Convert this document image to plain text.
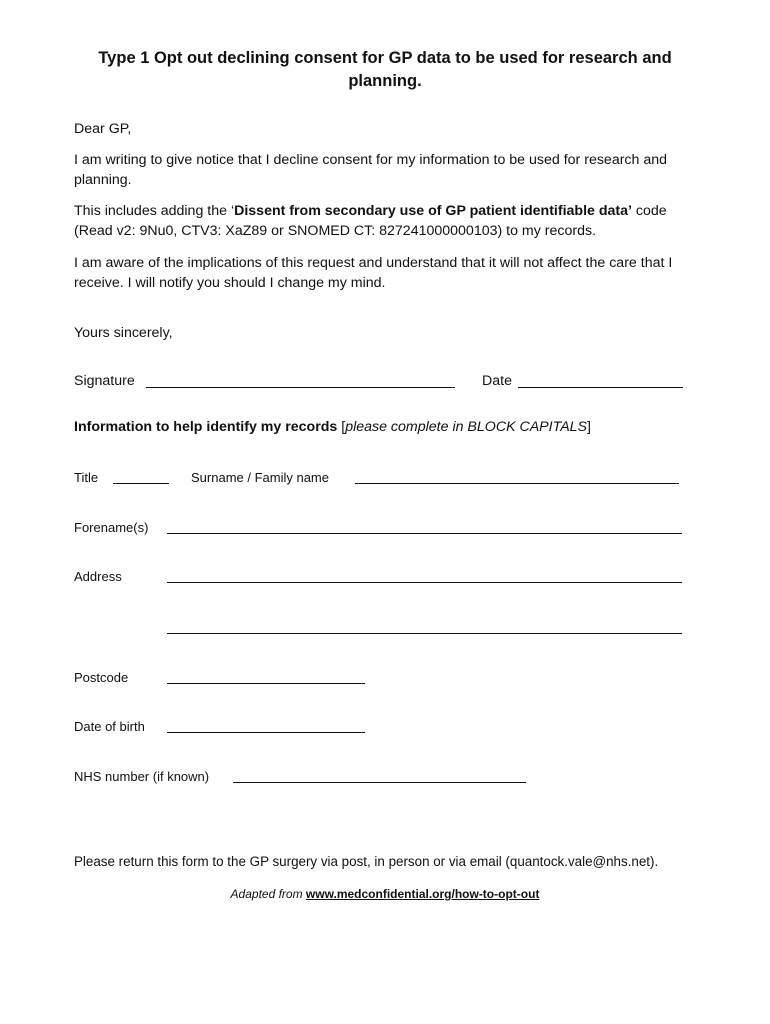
Type 1 Opt out declining consent for GP data to be used for research and planning.

Dear GP,

I am writing to give notice that I decline consent for my information to be used for research and planning.

This includes adding the ‘Dissent from secondary use of GP patient identifiable data’ code (Read v2: 9Nu0, CTV3: XaZ89 or SNOMED CT: 827241000000103) to my records.

I am aware of the implications of this request and understand that it will not affect the care that I receive. I will notify you should I change my mind.

Yours sincerely,

Signature	Date
Information to help identify my records [please complete in BLOCK CAPITALS]
Title	Surname / Family name
Forename(s)
Address
Postcode
Date of birth
NHS number (if known)

Please return this form to the GP surgery via post, in person or via email (quantock.vale@nhs.net).

Adapted from www.medconfidential.org/how-to-opt-out
